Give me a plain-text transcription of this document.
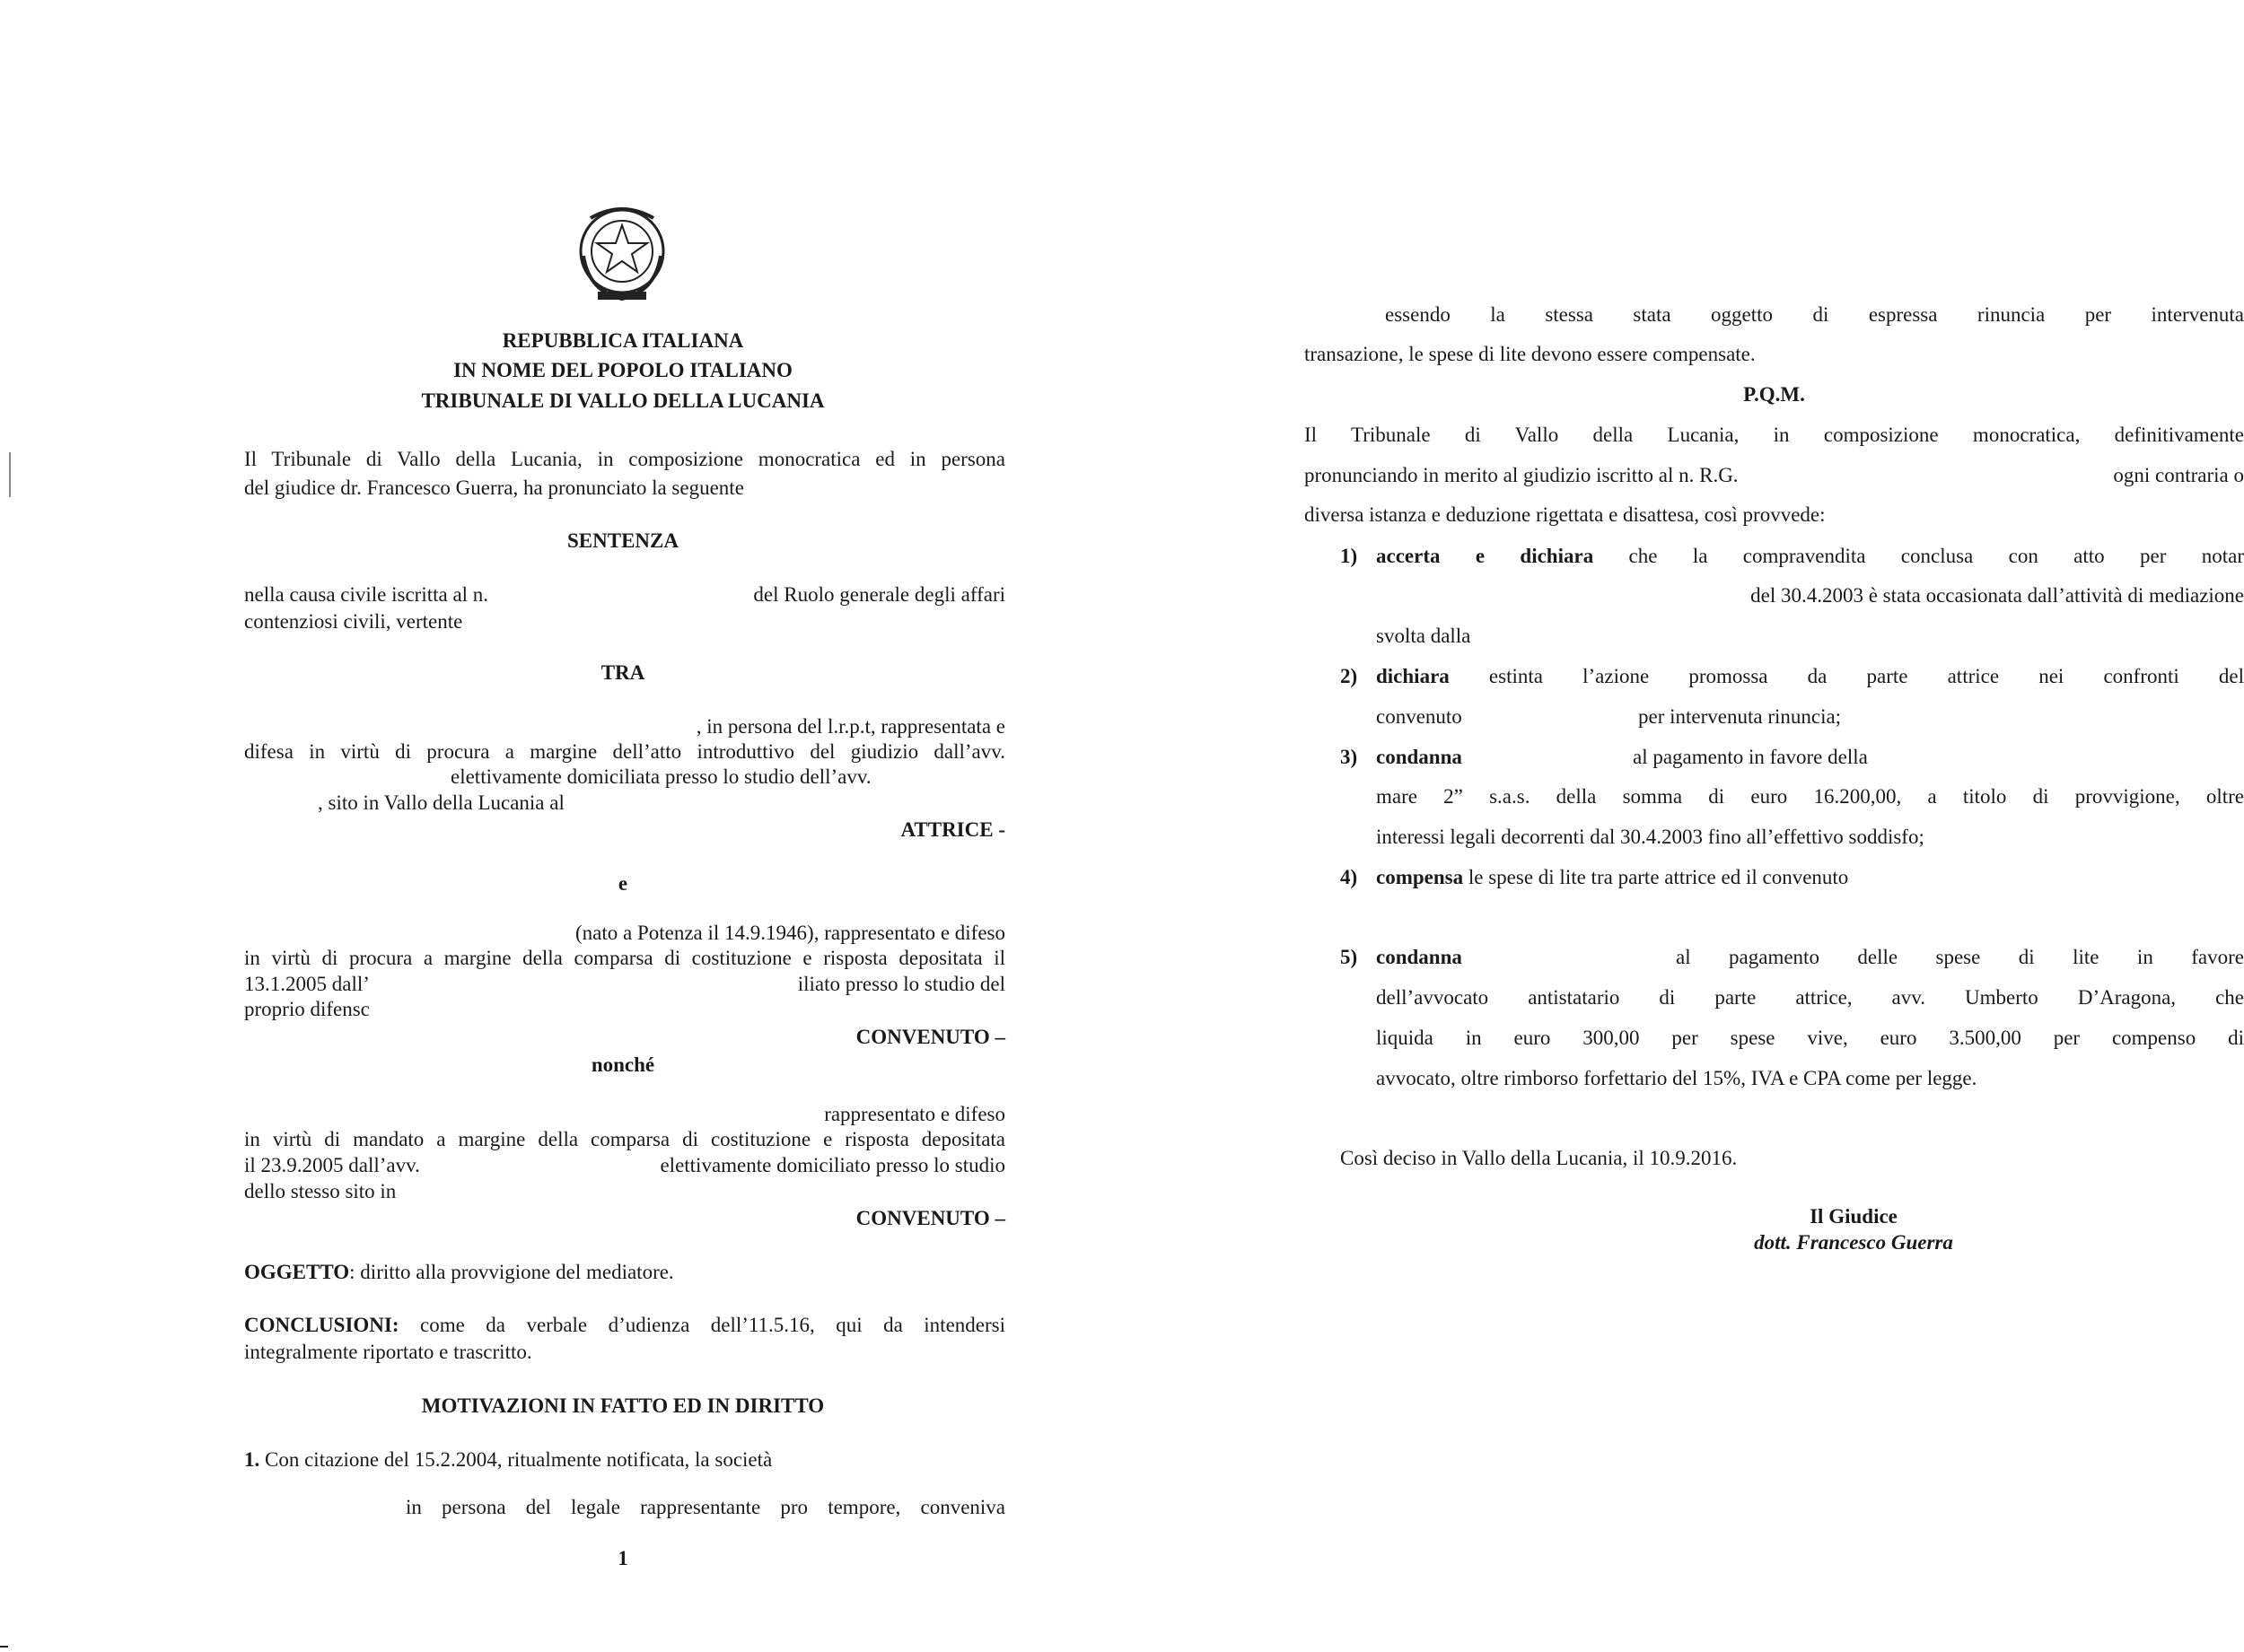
REPUBBLICA ITALIANA
IN NOME DEL POPOLO ITALIANO
TRIBUNALE DI VALLO DELLA LUCANIA
Il Tribunale di Vallo della Lucania, in composizione monocratica ed in persona
del giudice dr. Francesco Guerra, ha pronunciato la seguente
SENTENZA
nella causa civile iscritta al n.	del Ruolo generale degli affari
contenziosi civili, vertente
TRA
, in persona del l.r.p.t, rappresentata e
difesa in virtù di procura a margine dell’atto introduttivo del giudizio dall’avv.
elettivamente domiciliata presso lo studio dell’avv.
, sito in Vallo della Lucania al
ATTRICE -
e
(nato a Potenza il 14.9.1946), rappresentato e difeso
in virtù di procura a margine della comparsa di costituzione e risposta depositata il
13.1.2005 dall’	iliato presso lo studio del
proprio difensc
CONVENUTO –
nonché
rappresentato e difeso
in virtù di mandato a margine della comparsa di costituzione e risposta depositata
il 23.9.2005 dall’avv.	elettivamente domiciliato presso lo studio
dello stesso sito in
CONVENUTO –
OGGETTO: diritto alla provvigione del mediatore.
CONCLUSIONI: come da verbale d’udienza dell’11.5.16, qui da intendersi
integralmente riportato e trascritto.
MOTIVAZIONI IN FATTO ED IN DIRITTO
1. Con citazione del 15.2.2004, ritualmente notificata, la società
in persona del legale rappresentante pro tempore, conveniva
1
essendo la stessa stata oggetto di espressa rinuncia per intervenuta
transazione, le spese di lite devono essere compensate.
P.Q.M.
Il Tribunale di Vallo della Lucania, in composizione monocratica, definitivamente
pronunciando in merito al giudizio iscritto al n. R.G.	ogni contraria o
diversa istanza e deduzione rigettata e disattesa, così provvede:
1) accerta e dichiara che la compravendita conclusa con atto per notar
del 30.4.2003 è stata occasionata dall’attività di mediazione
svolta dalla
2) dichiara estinta l’azione promossa da parte attrice nei confronti del
convenuto	per intervenuta rinuncia;
3) condanna	al pagamento in favore della
mare 2” s.a.s. della somma di euro 16.200,00, a titolo di provvigione, oltre
interessi legali decorrenti dal 30.4.2003 fino all’effettivo soddisfo;
4) compensa le spese di lite tra parte attrice ed il convenuto
5) condanna	al pagamento delle spese di lite in favore
dell’avvocato antistatario di parte attrice, avv. Umberto D’Aragona, che
liquida in euro 300,00 per spese vive, euro 3.500,00 per compenso di
avvocato, oltre rimborso forfettario del 15%, IVA e CPA come per legge.
Così deciso in Vallo della Lucania, il 10.9.2016.
Il Giudice
dott. Francesco Guerra
